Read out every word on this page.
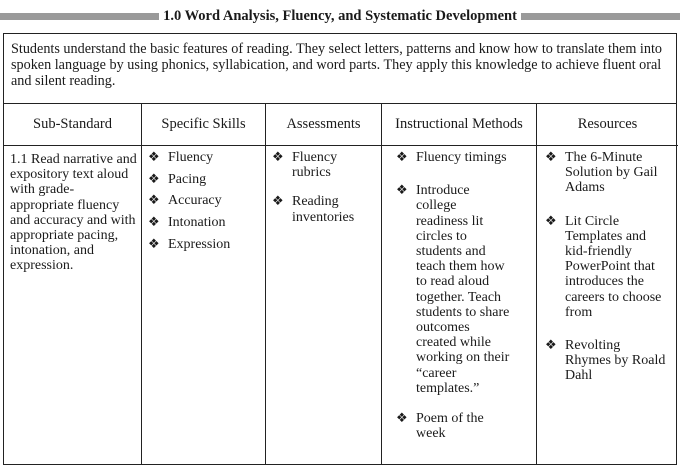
1.0 Word Analysis, Fluency, and Systematic Development
Students understand the basic features of reading. They select letters, patterns and know how to translate them into spoken language by using phonics, syllabication, and word parts. They apply this knowledge to achieve fluent oral and silent reading.
Sub-Standard
1.1 Read narrative and expository text aloud with grade-appropriate fluency and accuracy and with appropriate pacing, intonation, and expression.
Specific Skills
❖ Fluency
❖ Pacing
❖ Accuracy
❖ Intonation
❖ Expression
Assessments
❖ Fluency rubrics
❖ Reading inventories
Instructional Methods
❖ Fluency timings
❖ Introduce college readiness lit circles to students and teach them how to read aloud together. Teach students to share outcomes created while working on their “career templates.”
❖ Poem of the week
Resources
❖ The 6-Minute Solution by Gail Adams
❖ Lit Circle Templates and kid-friendly PowerPoint that introduces the careers to choose from
❖ Revolting Rhymes by Roald Dahl
